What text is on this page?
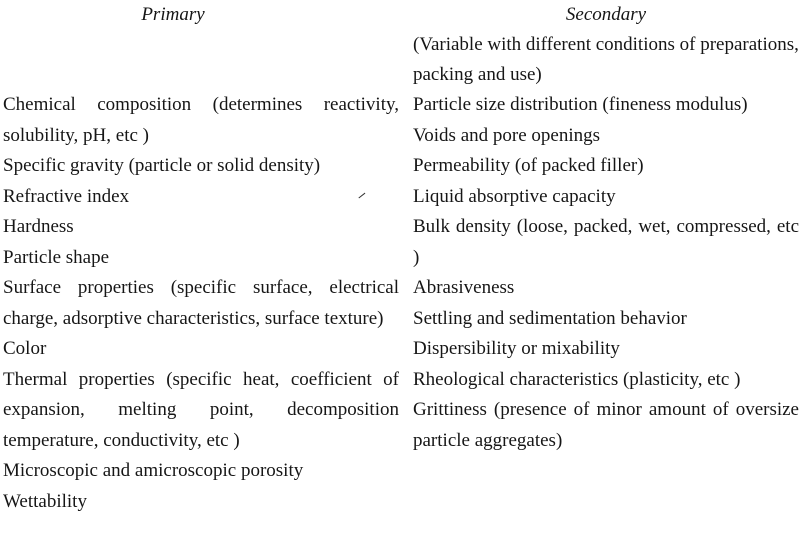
Primary
Chemical composition (determines reactivity, solubility, pH, etc )
Specific gravity (particle or solid density)
Refractive index
Hardness
Particle shape
Surface properties (specific surface, electrical charge, adsorptive characteristics, surface texture)
Color
Thermal properties (specific heat, coefficient of expansion, melting point, decomposition temperature, conductivity, etc )
Microscopic and amicroscopic porosity
Wettability
Secondary

(Variable with different conditions of preparations, packing and use)

Particle size distribution (fineness modulus)
Voids and pore openings
Permeability (of packed filler)
Liquid absorptive capacity
Bulk density (loose, packed, wet, compressed, etc )
Abrasiveness
Settling and sedimentation behavior
Dispersibility or mixability
Rheological characteristics (plasticity, etc )
Grittiness (presence of minor amount of oversize particle aggregates)
